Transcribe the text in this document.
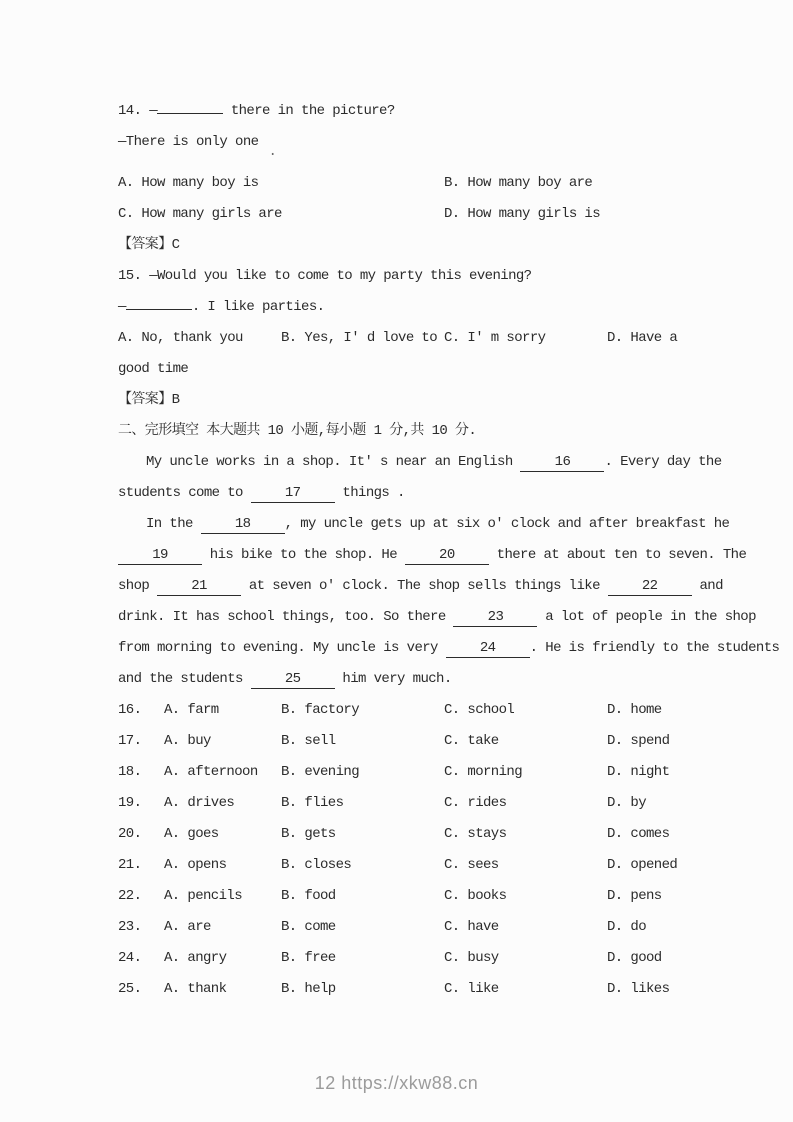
14. —	there in the picture?
—There is only one.
A. How many boy is	B. How many boy are
C. How many girls are	D. How many girls is
【答案】C
15. —Would you like to come to my party this evening?
—	. I like parties.
A. No, thank you	B. Yes, I' d love to C. I' m sorry	D. Have a
good time
【答案】B
二、完形填空 本大题共 10 小题,每小题 1 分,共 10 分.
My uncle works in a shop. It' s near an English 16 . Every day the
students come to 17 things .
In the 18 , my uncle gets up at six o' clock and after breakfast he
19 his bike to the shop. He 20 there at about ten to seven. The
shop 21 at seven o' clock. The shop sells things like 22 and
drink. It has school things, too. So there 23 a lot of people in the shop
from morning to evening. My uncle is very 24 . He is friendly to the students
and the students 25 him very much.
16. A. farm	B. factory	C. school	D. home
17. A. buy	B. sell	C. take	D. spend
18. A. afternoon B. evening	C. morning	D. night
19. A. drives	B. flies	C. rides	D. by
20. A. goes	B. gets	C. stays	D. comes
21. A. opens	B. closes	C. sees	D. opened
22. A. pencils	B. food	C. books	D. pens
23. A. are	B. come	C. have	D. do
24. A. angry	B. free	C. busy	D. good
25. A. thank	B. help	C. like	D. likes
12 https://xkw88.cn
